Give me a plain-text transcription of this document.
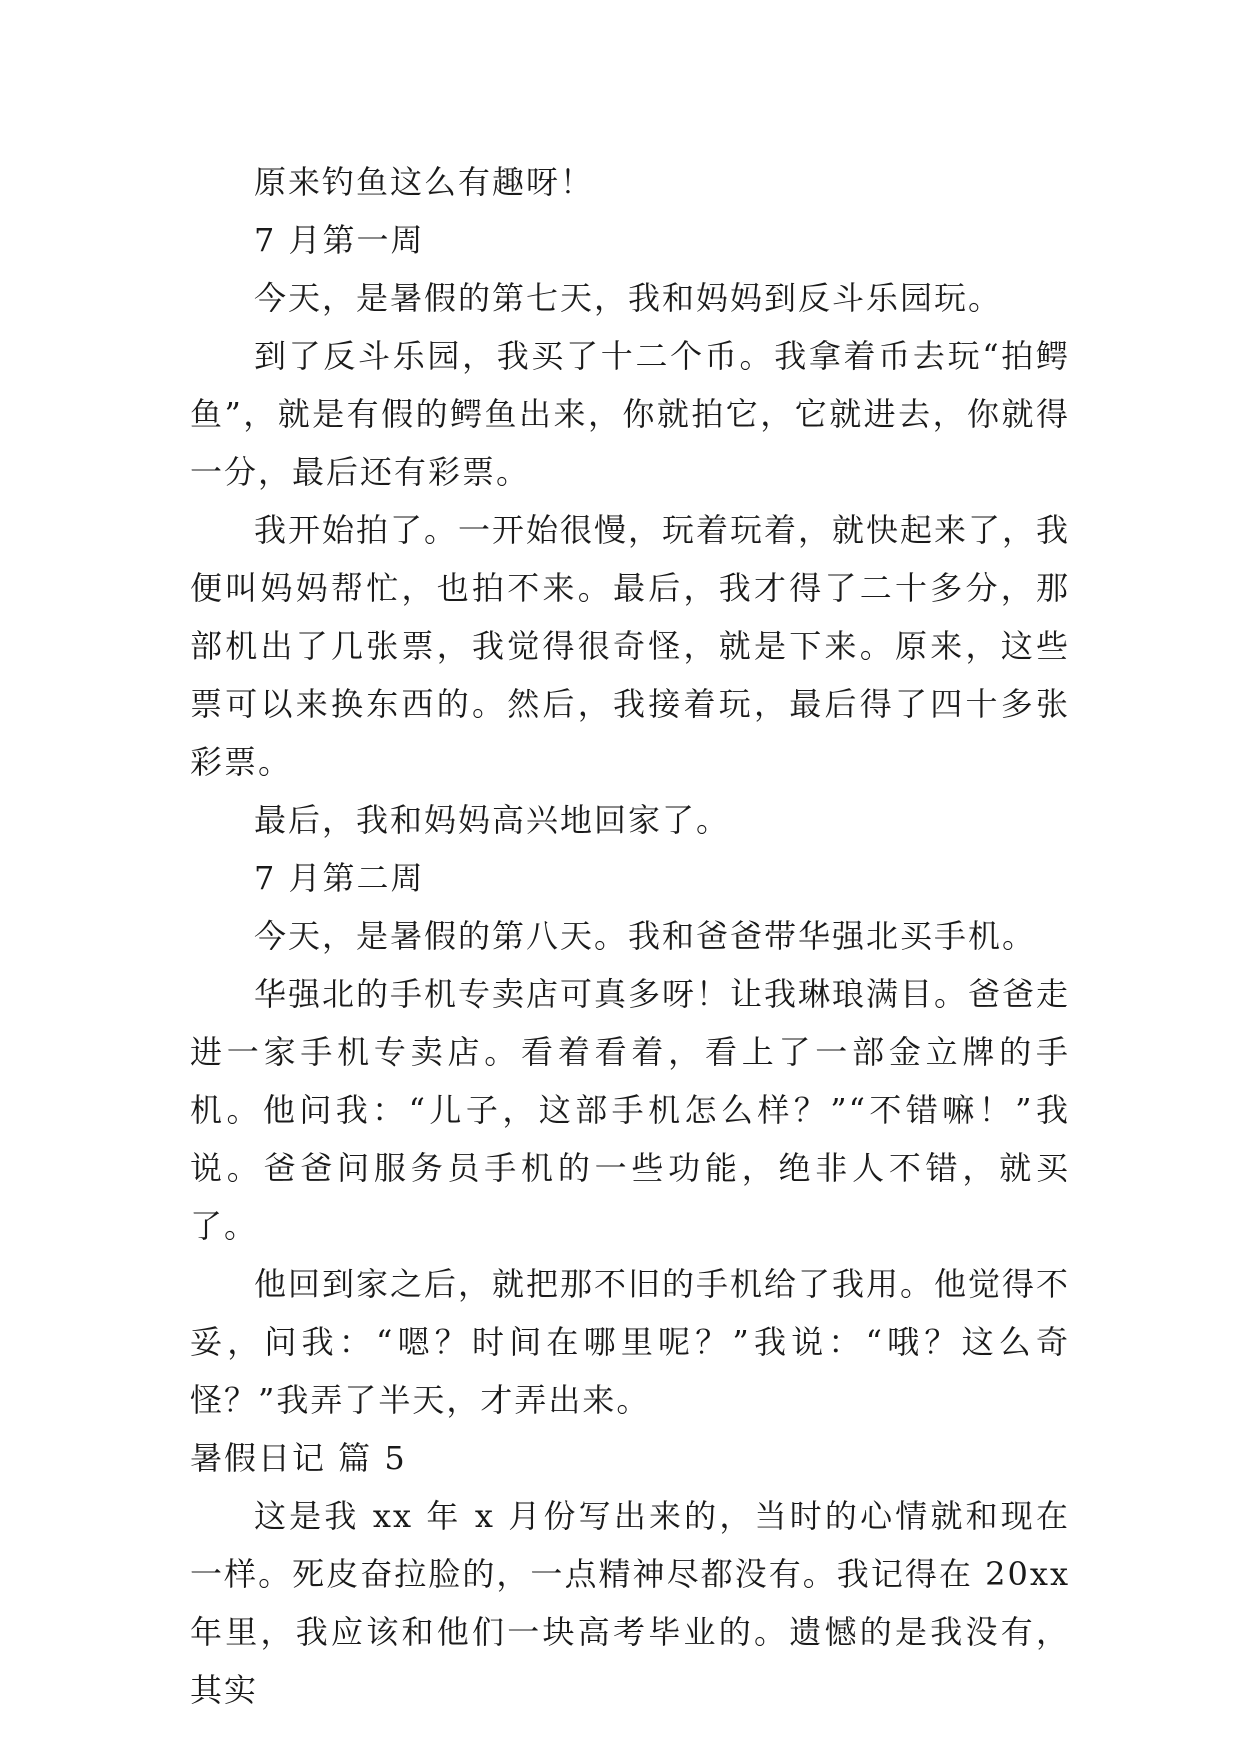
原来钓鱼这么有趣呀！

7 月第一周

今天，是暑假的第七天，我和妈妈到反斗乐园玩。

到了反斗乐园，我买了十二个币。我拿着币去玩“拍鳄鱼”，就是有假的鳄鱼出来，你就拍它，它就进去，你就得一分，最后还有彩票。

我开始拍了。一开始很慢，玩着玩着，就快起来了，我便叫妈妈帮忙，也拍不来。最后，我才得了二十多分，那部机出了几张票，我觉得很奇怪，就是下来。原来，这些票可以来换东西的。然后，我接着玩，最后得了四十多张彩票。

最后，我和妈妈高兴地回家了。

7 月第二周

今天，是暑假的第八天。我和爸爸带华强北买手机。

华强北的手机专卖店可真多呀！让我琳琅满目。爸爸走进一家手机专卖店。看着看着，看上了一部金立牌的手机。他问我：“儿子，这部手机怎么样？”“不错嘛！”我说。爸爸问服务员手机的一些功能，绝非人不错，就买了。

他回到家之后，就把那不旧的手机给了我用。他觉得不妥，问我：“嗯？时间在哪里呢？”我说：“哦？这么奇怪？”我弄了半天，才弄出来。

暑假日记 篇 5

这是我 xx 年 x 月份写出来的，当时的心情就和现在一样。死皮奋拉脸的，一点精神尽都没有。我记得在 20xx 年里，我应该和他们一块高考毕业的。遗憾的是我没有，其实
